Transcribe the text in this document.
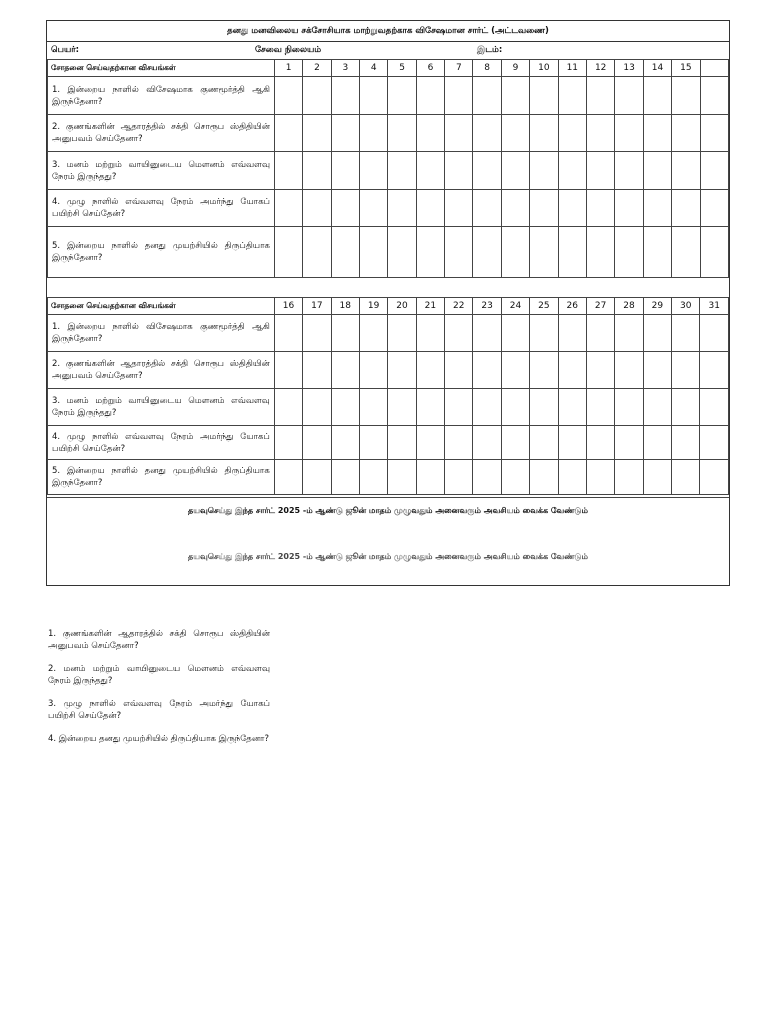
தனது மனவிலைய சக்சோசியாக மாற்றுவதற்காக விசேஷமான சார்ட் (அட்டவணை)
பெயர்:	சேவை நிலையம்	இடம்:
சோதனை செய்வதற்கான விசயங்கள்	1	2	3	4	5	6	7	8	9	10	11	12	13	14	15	
1. இன்றைய நாளில் விசேஷமாக குணமூர்த்தி ஆகி இருந்தேனா?																
2. குணங்களின் ஆதாரத்தில் சக்தி சொரூப ஸ்திதியின் அனுபவம் செய்தேனா?																
3. மனம் மற்றும் வாயினுடைய மௌனம் எவ்வளவு நேரம் இருந்தது?																
4. முழு நாளில் எவ்வளவு நேரம் அமர்ந்து யோகப் பயிற்சி செய்தேன்?																
5. இன்றைய நாளில் தனது முயற்சியில் திருப்தியாக இருந்தேனா?																
சோதனை செய்வதற்கான விசயங்கள்	16	17	18	19	20	21	22	23	24	25	26	27	28	29	30	31
1. இன்றைய நாளில் விசேஷமாக குணமூர்த்தி ஆகி இருந்தேனா?																
2. குணங்களின் ஆதாரத்தில் சக்தி சொரூப ஸ்திதியின் அனுபவம் செய்தேனா?																
3. மனம் மற்றும் வாயினுடைய மௌனம் எவ்வளவு நேரம் இருந்தது?																
4. முழு நாளில் எவ்வளவு நேரம் அமர்ந்து யோகப் பயிற்சி செய்தேன்?																
5. இன்றைய நாளில் தனது முயற்சியில் திருப்தியாக இருந்தேனா?																
தயவுசெய்து இந்த சார்ட் 2025 -ம் ஆண்டு ஜூன் மாதம் முழுவதும் அனைவரும் அவசியம் வைக்க வேண்டும்
தயவுசெய்து இந்த சார்ட் 2025 -ம் ஆண்டு ஜூன் மாதம் முழுவதும் அனைவரும் அவசியம் வைக்க வேண்டும்
1. குணங்களின் ஆதாரத்தில் சக்தி சொரூப ஸ்திதியின் அனுபவம் செய்தேனா?
2. மனம் மற்றும் வாயினுடைய மௌனம் எவ்வளவு நேரம் இருந்தது?
3. முழு நாளில் எவ்வளவு நேரம் அமர்ந்து யோகப் பயிற்சி செய்தேன்?
4. இன்றைய தனது முயற்சியில் திருப்தியாக இருந்தேனா?
